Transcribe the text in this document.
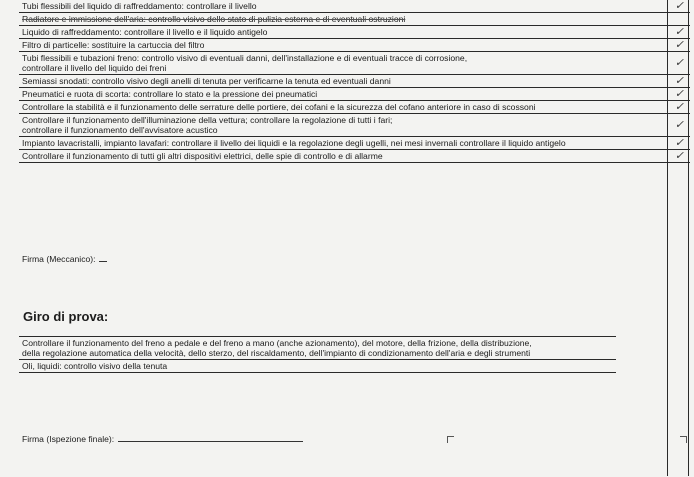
Tubi flessibili del liquido di raffreddamento: controllare il livello	✓
Radiatore e immissione dell'aria: controllo visivo dello stato di pulizia esterna e di eventuali ostruzioni
Liquido di raffreddamento: controllare il livello e il liquido antigelo	✓
Filtro di particelle: sostituire la cartuccia del filtro	✓
Tubi flessibili e tubazioni freno: controllo visivo di eventuali danni, dell'installazione e di eventuali tracce di corrosione,
controllare il livello del liquido dei freni	✓
Semiassi snodati: controllo visivo degli anelli di tenuta per verificarne la tenuta ed eventuali danni	✓
Pneumatici e ruota di scorta: controllare lo stato e la pressione dei pneumatici	✓
Controllare la stabilità e il funzionamento delle serrature delle portiere, dei cofani e la sicurezza del cofano anteriore in caso di scossoni	✓
Controllare il funzionamento dell'illuminazione della vettura; controllare la regolazione di tutti i fari;
controllare il funzionamento dell'avvisatore acustico	✓
Impianto lavacristalli, impianto lavafari: controllare il livello dei liquidi e la regolazione degli ugelli, nei mesi invernali controllare il liquido antigelo	✓
Controllare il funzionamento di tutti gli altri dispositivi elettrici, delle spie di controllo e di allarme	✓
Firma (Meccanico):
Giro di prova:
Controllare il funzionamento del freno a pedale e del freno a mano (anche azionamento), del motore, della frizione, della distribuzione,
della regolazione automatica della velocità, dello sterzo, del riscaldamento, dell'impianto di condizionamento dell'aria e degli strumenti
Oli, liquidi: controllo visivo della tenuta
Firma (Ispezione finale):
